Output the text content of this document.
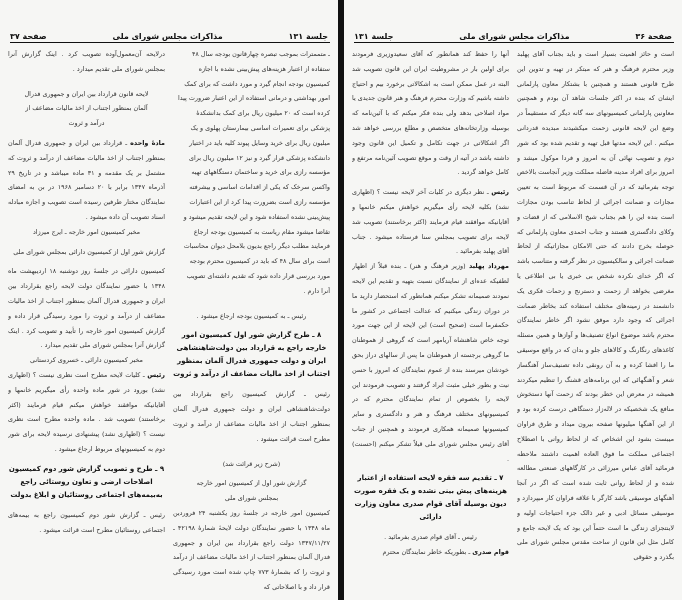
جلسة ۱۳۱
مذاکرات مجلس شورای ملی
صفحة ۳۷

ـ متممترات بموجب تبصره چهارقانون بودجه سال ۴۸

ستفاده از اعتبار هزینه‌های پیش‌بینی نشده با اجازه

کمیسیون بودجه انجام گیرد و مورد داشت که برای کمک

امور بهداشتی و درمانی استفاده از این اعتبار ضرورت پیدا

کرده است که ۲۰ میلیون ریال برای کمک بدانشکدهٔ

پزشکی برای تعمیرات اساسی بیمارستان پهلوی و یک

میلیون ریال برای خرید وسایل پیوند کلیه باید در اختیار

دانشکده پزشکی قرار گیرد و نیز ۱۲ میلیون ریال برای

مؤسسه رازی برای خرید و ساختمان دستگاههای تهیه

واکسن سرخک که یکی از اقدامات اساسی و بیشرفته

مؤسسه رازی است بضرورت پیدا کرد از این اعتبارات

پیش‌بینی نشده استفاده شود و این لایحه تقدیم میشود و

تقاضا میشود مقام ریاست به کمیسیون بودجه ارجاع

فرمایند مطلب دیگر راجع بدیون بلامحل دیوان محاسبات

است برای سال ۴۸ که باید در کمیسیون محترم بودجه

مورد بررسی قرار داده شود که تقدیم داشته‌ای تصویب

آنرا دارم .

رئیس ـ به کمیسیون بودجه ارجاع میشود .

۸ ـ طرح گزارش شور اول کمیسیون امور خارجه راجع به قرارداد بین دولت‌شاهنشاهی ایران و دولت جمهوری فدرال آلمان بمنظور اجتناب از اخذ مالیات مضاعف از درآمد و ثروت

رئیس ـ گزارش کمیسیون راجع بقرارداد بین دولت‌شاهنشاهی ایران و دولت جمهوری فدرال آلمان بمنظور اجتناب از اخذ مالیات مضاعف از درآمد و ثروت مطرح است قرائت میشود .

(شرح زیر قرائت شد)

گزارش شور اول از کمیسیون امور خارجه

بمجلس شورای ملی

کمیسیون امور خارجه در جلسهٔ روز یکشنبه ۲۴ فروردین ماه ۱۳۴۸ با حضور نمایندگان دولت لایحهٔ شمارهٔ ۴۲۱۹۸ ـ ۱۳۴۷/۱۱/۲۷ دولت راجع بقرارداد بین ایران و جمهوری فدرال آلمان بمنظور اجتناب از اخذ مالیات مضاعف از درآمد و ثروت را که بشمارهٔ ۷۷۳ چاپ شده است مورد رسیدگی قرار داد و با اصلاحاتی که

درلایحه آن‌معمول‌آوده تصویب کرد . اینک گزارش آنرا بمجلس شورای ملی تقدیم میدارد .

لایحه قانون قرارداد بین ایران و جمهوری فدرال

آلمان بمنظور اجتناب از اخذ مالیات مضاعف از

درآمد و ثروت

مادهٔ واحده ـ قرارداد بین ایران و جمهوری فدرال آلمان بمنظور اجتناب از اخذ مالیات مضاعف از درآمد و ثروت که مشتمل بر یک مقدمه و ۳۱ ماده میباشد و در تاریخ ۲۹ آذرماه ۱۳۴۷ برابر با ۲۰ دسامبر ۱۹۶۸ در بن به امضای نمایندگان مختار طرفین رسیده است تصویب و اجازه مبادله اسناد تصویب آن داده میشود .

مخبر کمیسیون امور خارجه ـ ایرج میرزاد

گزارش شور اول از کمیسیون دارائی بمجلس شورای ملی

کمیسیون دارائی در جلسهٔ روز دوشنبه ۱۸ اردیبهشت ماه ۱۳۴۸ با حضور نمایندگان دولت لایحه راجع بقرارداد بین ایران و جمهوری فدرال آلمان بمنظور اجتناب از اخذ مالیات مضاعف از درآمد و ثروت را مورد رسیدگی قرار داده و گزارش کمیسیون امور خارجه را تأیید و تصویب کرد . اینک گزارش آنرا بمجلس شورای ملی تقدیم میدارد .

مخبر کمیسیون دارائی ـ خسروی کردستانی

رئیس ـ کلیات لایحه مطرح است نظری نیست ؟ (اظهاری نشد) بورود در شور ماده واحده رأی میگیریم خانمها و آقایانیکه موافقند خواهش میکنم قیام فرمایند (اکثر برخاستند) تصویب شد . ماده واحده مطرح است نظری نیست ؟ (اظهاری نشد) پیشنهادی نرسیده لایحه برای شور دوم به کمیسیونهای مربوط ارجاع میشود .

۹ ـ طرح و تصویب گزارش شور دوم کمیسیون اصلاحات ارضی و تعاون روستائی راجع به‌بیمه‌های اجتماعی روستائیان و ابلاغ بدولت

رئیس ـ گزارش شور دوم کمیسیون راجع به بیمه‌های اجتماعی روستائیان مطرح است قرائت میشود .

صفحة ۳۶
مذاکرات مجلس شورای ملی
جلسة ۱۳۱

است و حائز اهمیت بسیار است و باید بجناب آقای پهلبد وزیر محترم فرهنگ و هنر که مبتکر در تهیه و تدوین این طرح قانونی هستند و همچنین با بشتکار معاون پارلمانی ایشان که بنده در اکثر جلسات شاهد آن بودم و همچنین معاونین پارلمانی کمیسیونهای سه گانه دیگر که مستقیماً در وضع این لایحه قانونی زحمت میکشیدند مبدیده قدردانی میکنم . این لایحه مدتها قبل تهیه و تقدیم شده بود که شور دوم و تصویب نهائی آن به امروز و فردا موکول میشد و امروز برای افراد مدینه فاضله مملکت وزیر آنجاست بالاخص توجه بفرمائید که در آن قسمت که مربوط است به تعیین مجازات و ضمانت اجرائی از لحاظ تناسب بودن مجازات است بنده این را هم بجناب شیخ الاسلامی که از قضات و وکلای دادگستری هستند و جناب احمدی معاون پارلمانی که حوصله بخرج دادند که حتی الامکان مجازاتیکه از لحاظ ضمانت اجرائی و سالکیسیون در نظر گرفته و متناسب باشد که اگر خدای نکرده شخص بی خبری یا بی اطلاعی یا مغرضی بخواهد از زحمت و دسترنج و زحمات فکری یک دانشمند در زمینه‌های مختلف استفاده کند بخاطر ضمانت اجرائی که وجود دارد موفق نشود اگر خاطر نمایندگان محترم باشد موضوع انواع تصنیف‌ها و آوازها و همین مسئله کاغذهای رنگارنگ و کالاهای جلو و بدان که در واقع موسیقی ما را افشا کرده و به آن رونقی داده تصنیف‌ساز آهنگساز شعر و آهنگهائی که این برنامه‌های قشنگ را تنظیم میکردند همیشه در معرض این خطر بودند که زحمت آنها دستخوش منافع یک شخصیکه در لاله‌زار دستگاهی درست کرده بود و از این آهنگها میلیونها صفحه بیرون میداد و طرق فراوان میبست بشود این اشخاص که از لحاظ روانی با اصطلاح اجتماعی مملکت ما فوق العاده اهمیت داشتند ملاحظه فرمائید آقای عباس میرزائی در کارگاههای صنعتی مطالعه شده و از لحاظ روانی ثابت شده است که اگر در آنجا آهنگهای موسیقی باشد کارگر با علاقه فراوان کار میپردازد و موسیقی مسائل ادبی و غیر ذالک جزء احتیاجات اولیه و لاینتجزای زندگی ما است حتماً این بود که یک لایحه جامع و کامل مثل این قانون از ساحت مقدس مجلس شورای ملی بگذرد و حقوقی

آنها را حفظ کند همانطور که آقای سعیدوزیری فرمودند برای اولین بار در مشروطیت ایران این قانون تصویب شد البته در عمل ممکن است به اشکالاتی برخورد بیم و احتیاج داشته باشیم که وزارت محترم فرهنگ و هنر قانون جدیدی یا مواد اصلاحی بدهد ولی بنده فکر میکنم که با آئین‌نامه که بوسیله وزارتخانه‌های متخصص و مطلع بررسی خواهد شد اگر اشکالاتی در جهت تکامل و تکمیل این قانون وجود داشته باشد در آتیه از وقت و موقع تصویب آئین‌نامه مرتفع و کامل خواهد گردید .

رئیس ـ نظر دیگری در کلیات آخر لایحه نیست ؟ (اظهاری نشد) بکلیه لایحه رأی میگیریم خواهش میکنم خانمها و آقایانیکه موافقند قیام فرمایند (اکثر برخاستند) تصویب شد لایحه برای تصویب بمجلس سنا فرستاده میشود . جناب آقای پهلبد بفرمائید .

مهرداد پهلبد (وزیر فرهنگ و هنر) ـ بنده قبلاً از اظهار لطفیکه عده‌ای از نمایندگان نسبت بتهیه و تقدیم این لایحه نمودند صمیمانه تشکر میکنم همانطور که استحضار دارید ما در دوران زندگی میکنیم که عدالت اجتماعی در کشور ما حکمفرما است (صحیح است) این لایحه از این جهت مورد توجه خاص شاهنشاه آریامهر است که گروهی از هموطنان ما گروهی برجسته از هموطنان ما پس از سالهای دراز بحق خودشان میرسند بنده از عموم نمایندگان که امروز با حسن نیت و بطور خیلی مثبت ابراد گرفتند و تصویب فرمودند این لایحه را بخصوص از تمام نمایندگان محترم که در کمیسیونهای مختلف فرهنگ و هنر و دادگستری و سایر کمیسیونها صمیمانه همکاری فرمودند و همچنین از جناب آقای رئیس مجلس شورای ملی قبلاً تشکر میکنم (احسنت) .

۷ ـ تقدیم سه فقره لایحه استفاده از اعتبار هزینه‌های پیش بینی نشده و یک فقره صورت دیون بوسیله آقای قوام صدری معاون وزارت دارائی

رئیس ـ آقای قوام صدری بفرمائید .

قوام صدری ـ بطوریکه خاطر نمایندگان محترم
